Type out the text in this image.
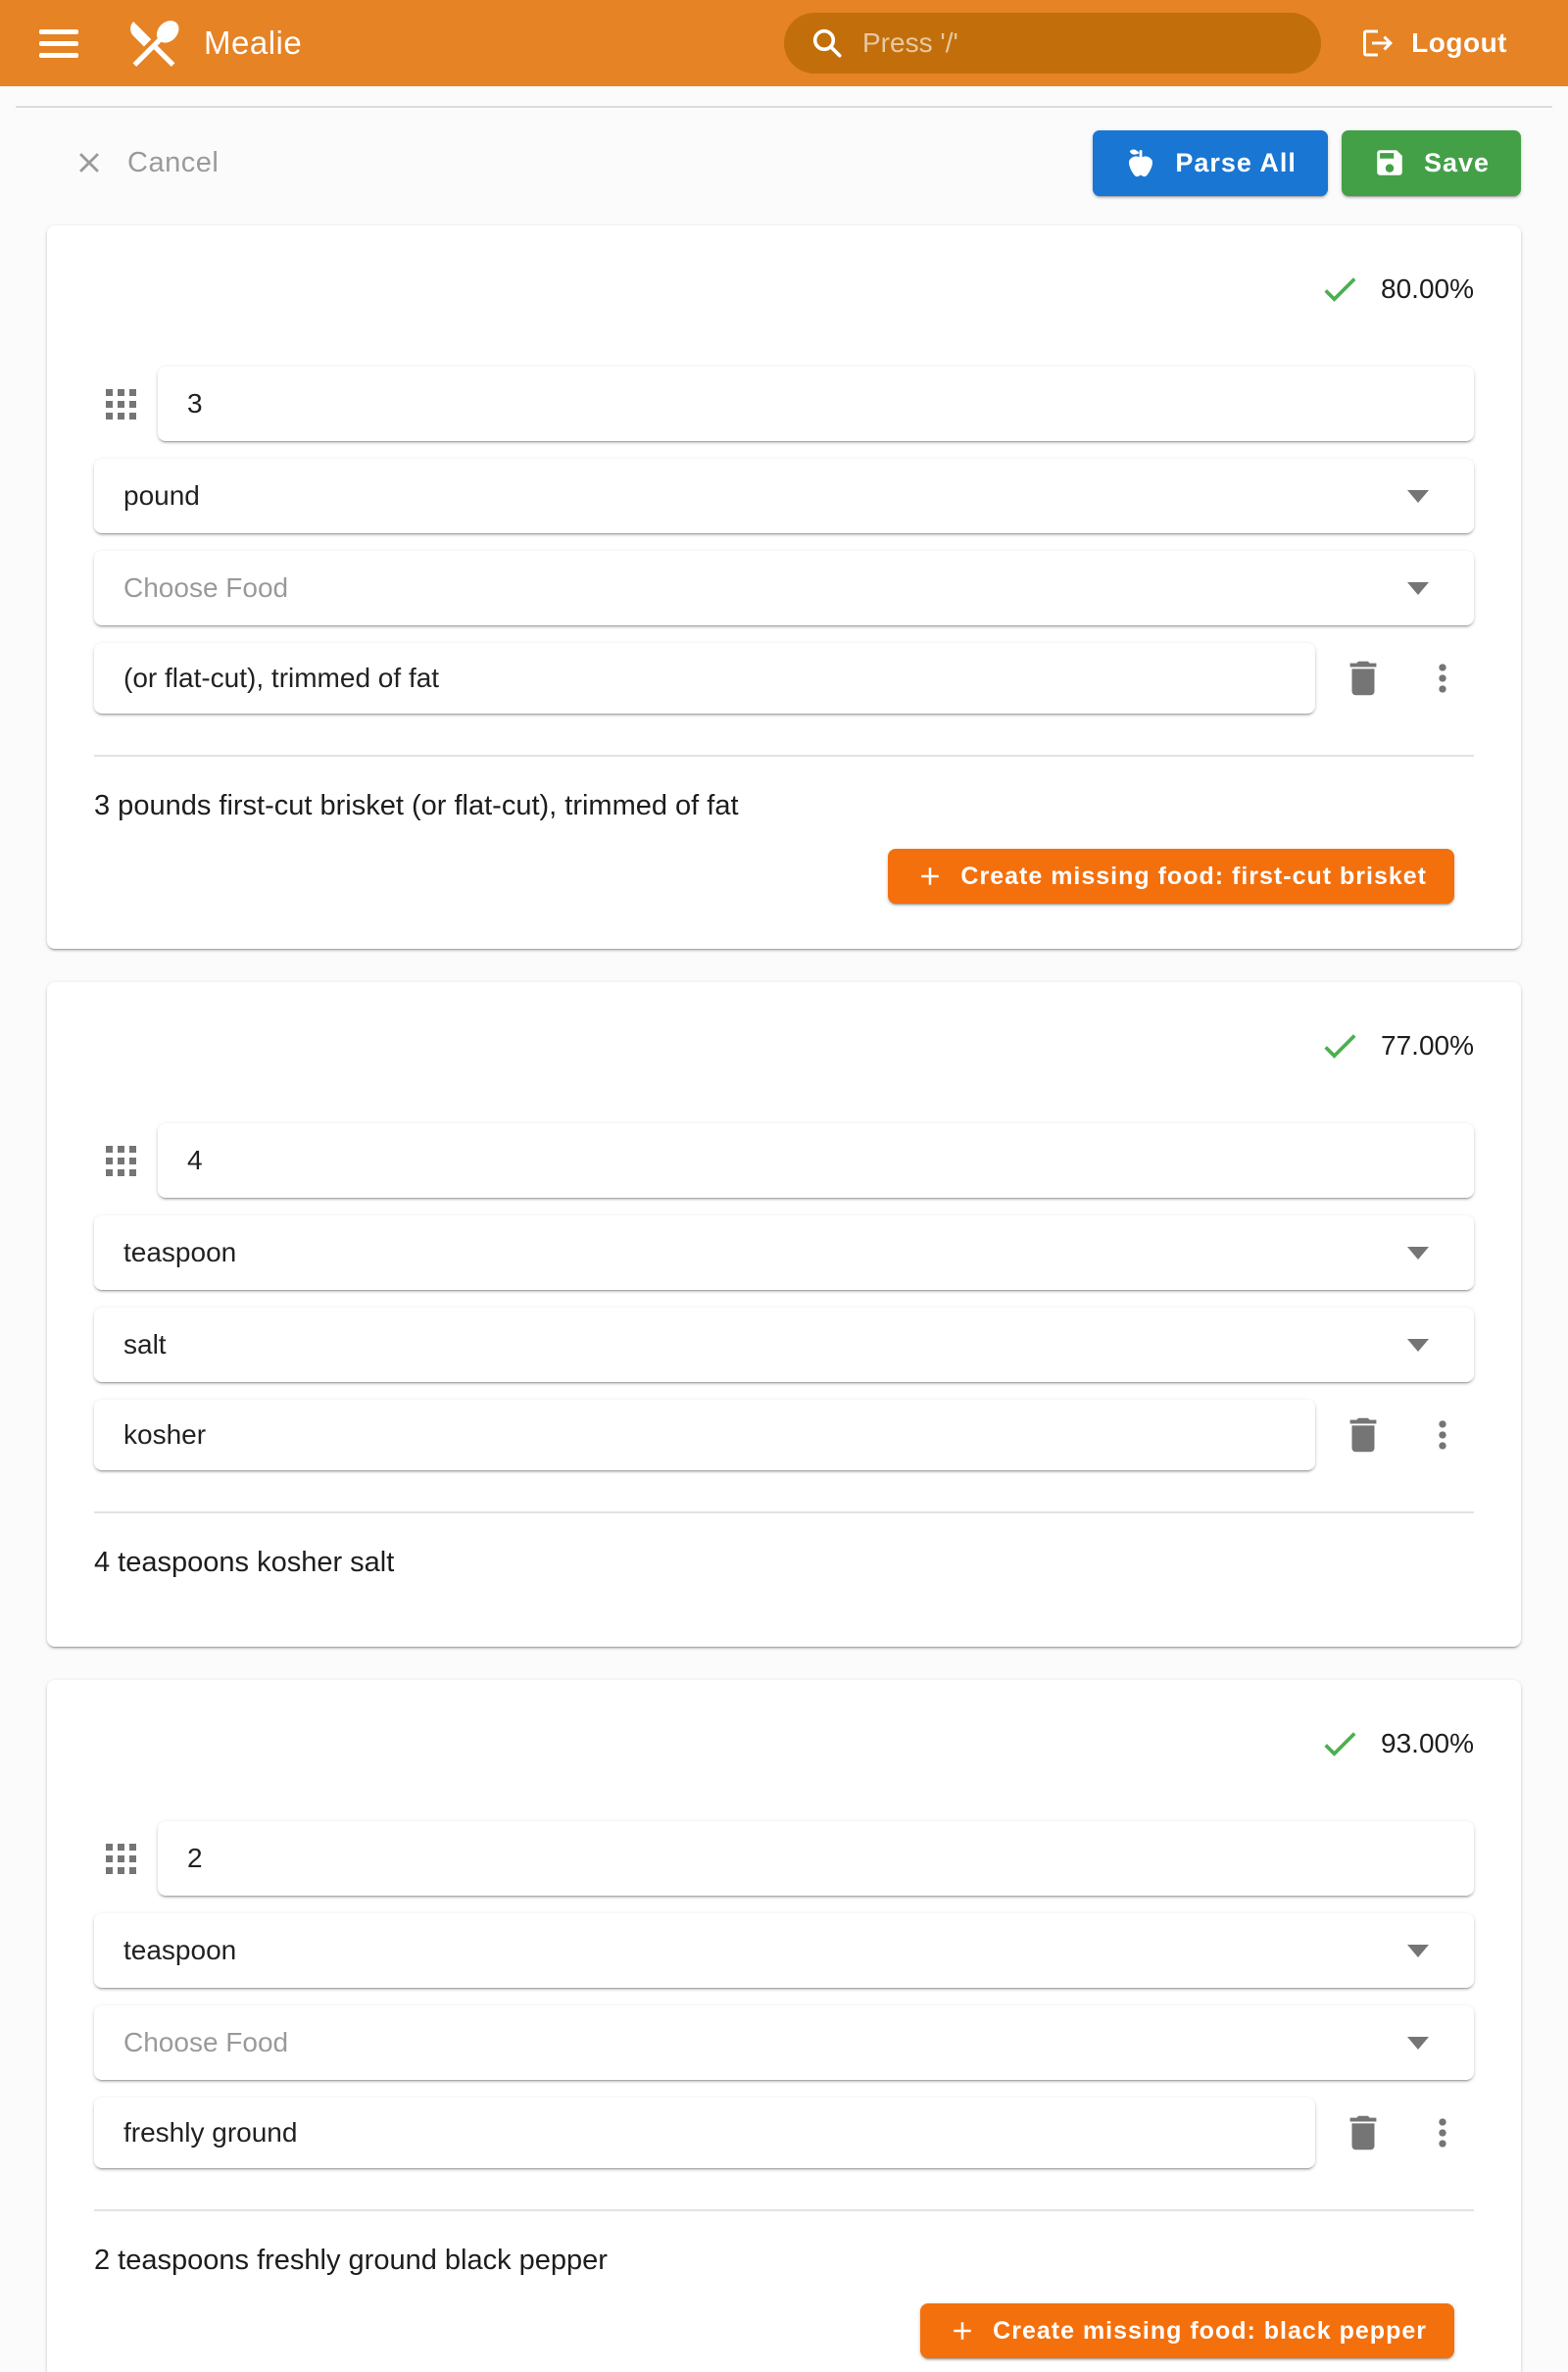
Mealie	Press '/'	Logout
Cancel	Parse All	Save
80.00%
3
pound
Choose Food
(or flat-cut), trimmed of fat
3 pounds first-cut brisket (or flat-cut), trimmed of fat
Create missing food: first-cut brisket
77.00%
4
teaspoon
salt
kosher
4 teaspoons kosher salt
93.00%
2
teaspoon
Choose Food
freshly ground
2 teaspoons freshly ground black pepper
Create missing food: black pepper
